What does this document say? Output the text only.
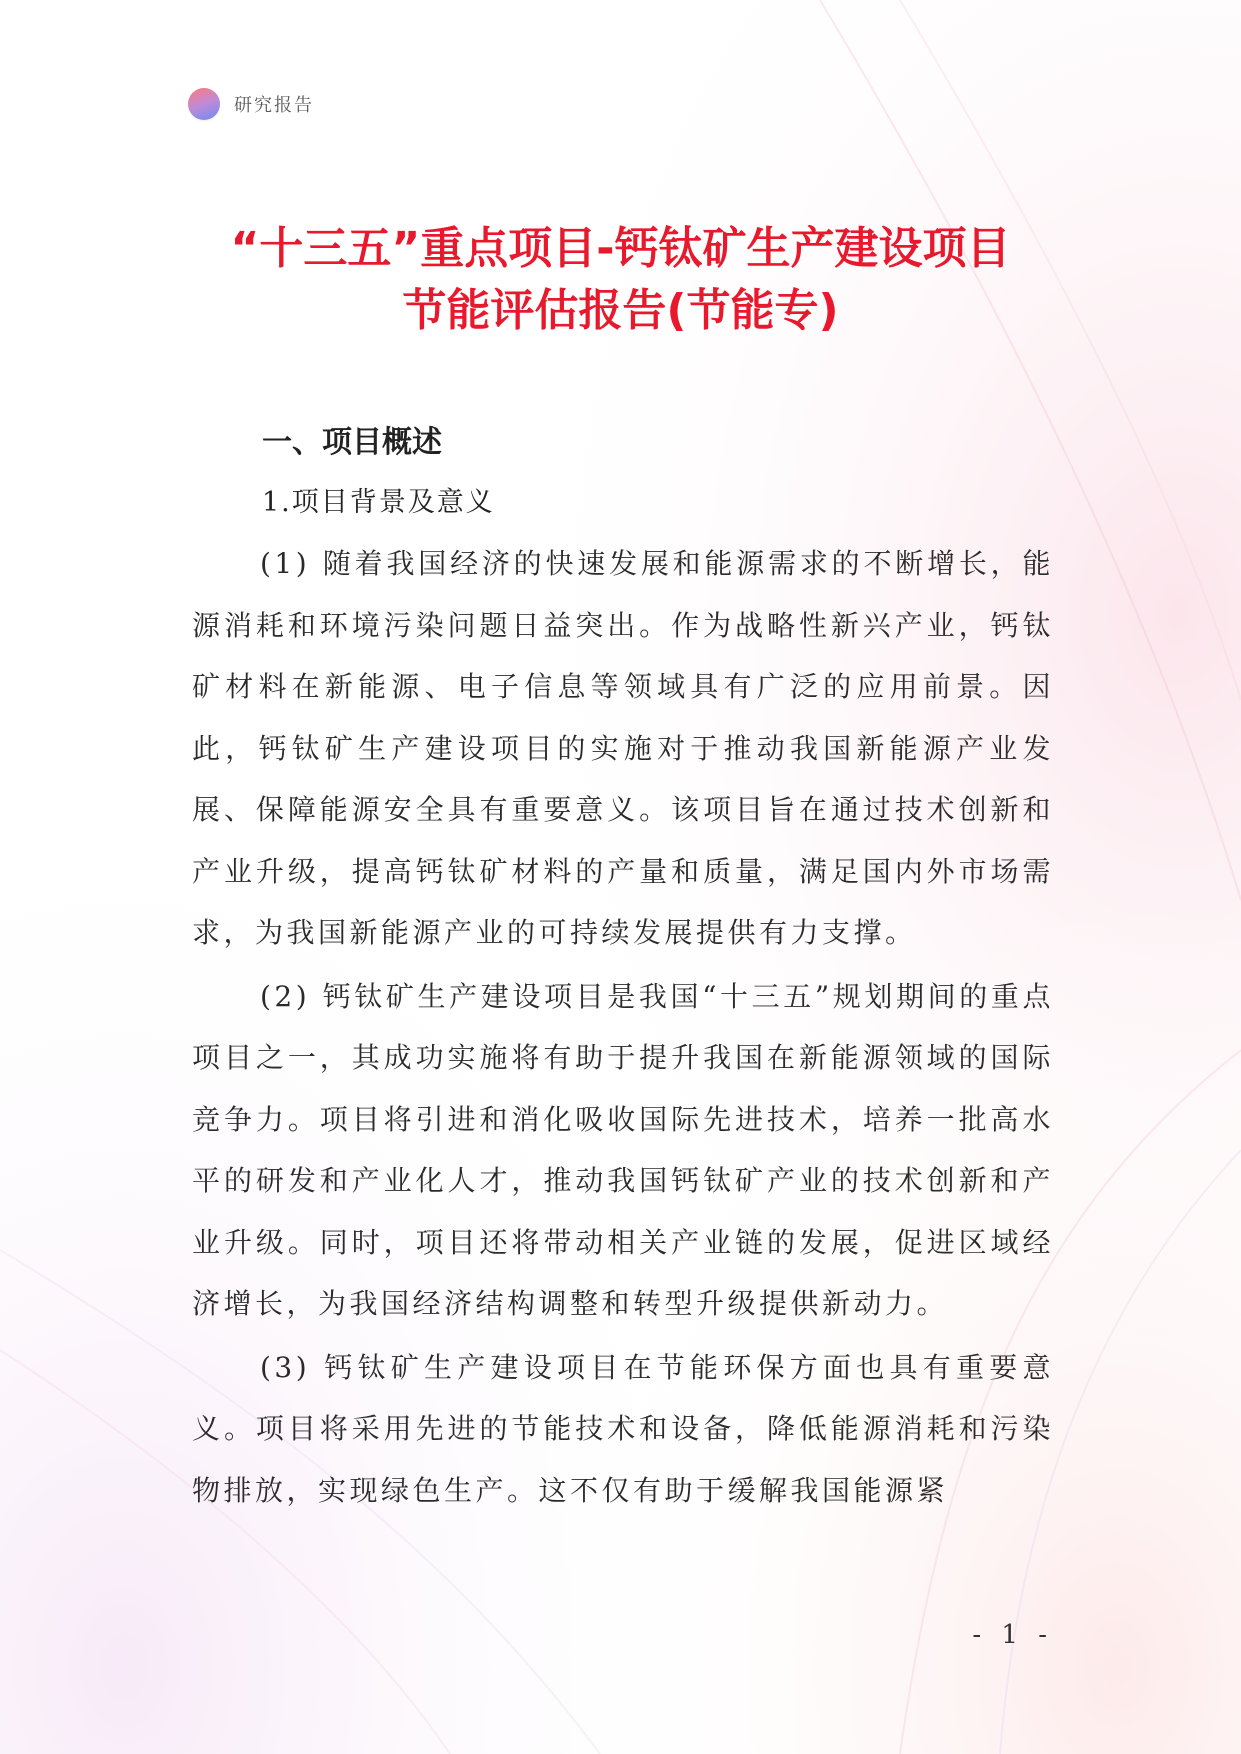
研究报告
“十三五”重点项目-钙钛矿生产建设项目
节能评估报告(节能专)
一、项目概述
1.项目背景及意义

(1) 随着我国经济的快速发展和能源需求的不断增长，能源消耗和环境污染问题日益突出。作为战略性新兴产业，钙钛矿材料在新能源、电子信息等领域具有广泛的应用前景。因此，钙钛矿生产建设项目的实施对于推动我国新能源产业发展、保障能源安全具有重要意义。该项目旨在通过技术创新和产业升级，提高钙钛矿材料的产量和质量，满足国内外市场需求，为我国新能源产业的可持续发展提供有力支撑。

(2) 钙钛矿生产建设项目是我国“十三五”规划期间的重点项目之一，其成功实施将有助于提升我国在新能源领域的国际竞争力。项目将引进和消化吸收国际先进技术，培养一批高水平的研发和产业化人才，推动我国钙钛矿产业的技术创新和产业升级。同时，项目还将带动相关产业链的发展，促进区域经济增长，为我国经济结构调整和转型升级提供新动力。

(3) 钙钛矿生产建设项目在节能环保方面也具有重要意义。项目将采用先进的节能技术和设备，降低能源消耗和污染物排放，实现绿色生产。这不仅有助于缓解我国能源紧

- 1 -
